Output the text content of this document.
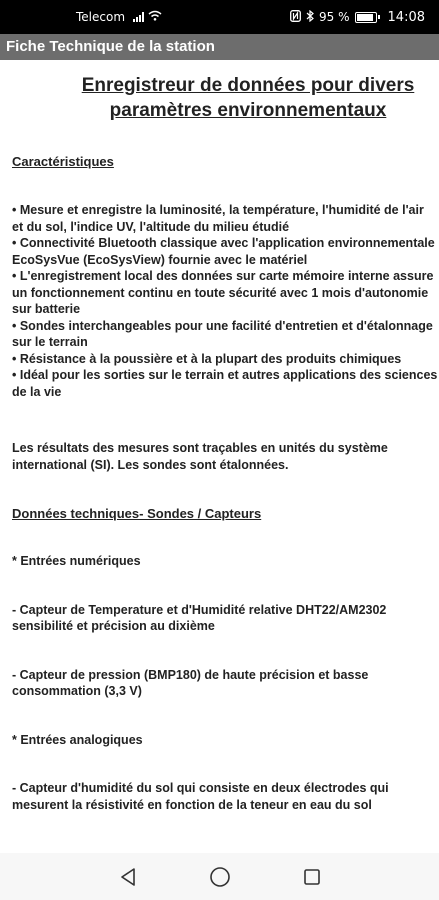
Telecom	95 %	14:08
Fiche Technique de la station
Enregistreur de données pour divers
paramètres environnementaux
Caractéristiques
• Mesure et enregistre la luminosité, la température, l'humidité de l'air
et du sol, l'indice UV, l'altitude du milieu étudié
• Connectivité Bluetooth classique avec l'application environnementale
EcoSysVue (EcoSysView) fournie avec le matériel
• L'enregistrement local des données sur carte mémoire interne assure
un fonctionnement continu en toute sécurité avec 1 mois d'autonomie
sur batterie
• Sondes interchangeables pour une facilité d'entretien et d'étalonnage
sur le terrain
• Résistance à la poussière et à la plupart des produits chimiques
• Idéal pour les sorties sur le terrain et autres applications des sciences
de la vie
Les résultats des mesures sont traçables en unités du système
international (SI). Les sondes sont étalonnées.
Données techniques- Sondes / Capteurs
* Entrées numériques
- Capteur de Temperature et d'Humidité relative DHT22/AM2302
sensibilité et précision au dixième
- Capteur de pression (BMP180) de haute précision et basse
consommation (3,3 V)
* Entrées analogiques
- Capteur d'humidité du sol qui consiste en deux électrodes qui
mesurent la résistivité en fonction de la teneur en eau du sol
